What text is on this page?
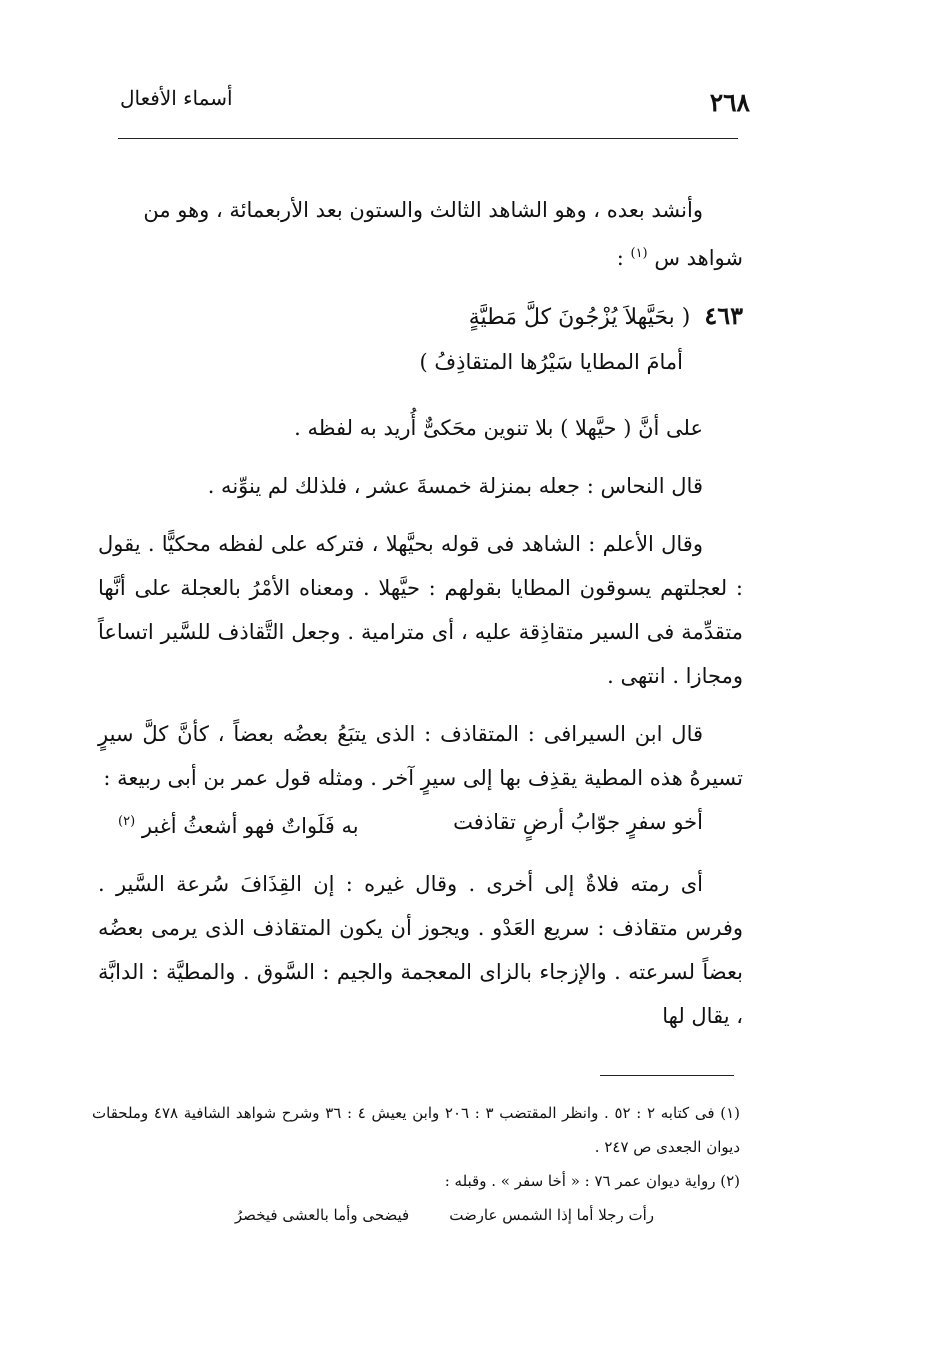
٢٦٨
أسماء الأفعال

وأنشد بعده ، وهو الشاهد الثالث والستون بعد الأربعمائة ، وهو من

شواهد س $^{(١)}$ :

٤٦٣
( بحَيَّهلاَ يُزْجُونَ كلَّ مَطيَّةٍ

أمامَ المطايا سَيْرُها المتقاذِفُ )

على أنَّ ( حيَّهلا ) بلا تنوين محَكىٌّ أُريد به لفظه .

قال النحاس : جعله بمنزلة خمسةَ عشر ، فلذلك لم ينوِّنه .

وقال الأعلم : الشاهد فى قوله بحيَّهلا ، فتركه على لفظه محكيًّا . يقول : لعجلتهم يسوقون المطايا بقولهم : حيَّهلا . ومعناه الأمْرُ بالعجلة على أنَّها متقدِّمة فى السير متقاذِقة عليه ، أى مترامية . وجعل التَّقاذف للسَّير اتساعاً ومجازا . انتهى .

قال ابن السيرافى : المتقاذف : الذى يتبَعُ بعضُه بعضاً ، كأنَّ كلَّ سيرٍ تسيرهُ هذه المطية يقذِف بها إلى سيرٍ آخر . ومثله قول عمر بن أبى ربيعة :

أخو سفرٍ جوّابُ أرضٍ تقاذفت
به فَلَواتٌ فهو أشعثُ أغبر $^{(٢)}$

أى رمته فلاةٌ إلى أخرى . وقال غيره : إن القِذَافَ سُرعة السَّير . وفرس متقاذف : سريع العَدْو . ويجوز أن يكون المتقاذف الذى يرمى بعضُه بعضاً لسرعته . والإزجاء بالزاى المعجمة والجيم : السَّوق . والمطيَّة : الدابَّة ، يقال لها

(١) فى كتابه ٢ : ٥٢ . وانظر المقتضب ٣ : ٢٠٦ وابن يعيش ٤ : ٣٦ وشرح شواهد الشافية ٤٧٨ وملحقات ديوان الجعدى ص ٢٤٧ .

(٢) رواية ديوان عمر ٧٦ : « أخا سفر » . وقبله :

رأت رجلا أما إذا الشمس عارضت
فيضحى وأما بالعشى فيخصرُ
